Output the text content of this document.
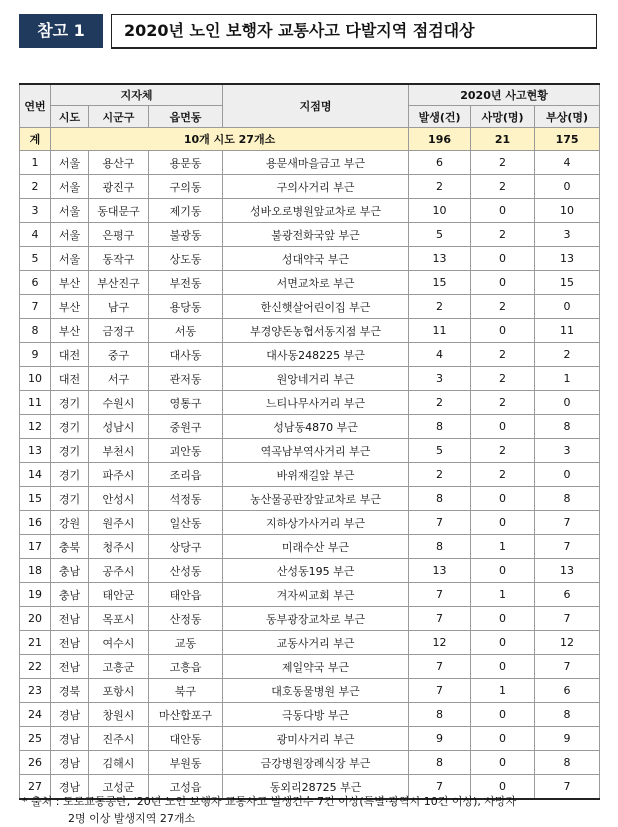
참고 1	2020년 노인 보행자 교통사고 다발지역 점검대상
연번	지자체			지점명	2020년 사고현황		
	시도	시군구	읍면동		발생(건)	사망(명)	부상(명)
계	10개 시도 27개소				196	21	175
1	서울	용산구	용문동	용문새마을금고 부근	6	2	4
2	서울	광진구	구의동	구의사거리 부근	2	2	0
3	서울	동대문구	제기동	성바오로병원앞교차로 부근	10	0	10
4	서울	은평구	불광동	불광전화국앞 부근	5	2	3
5	서울	동작구	상도동	성대약국 부근	13	0	13
6	부산	부산진구	부전동	서면교차로 부근	15	0	15
7	부산	남구	용당동	한신햇살어린이집 부근	2	2	0
8	부산	금정구	서동	부경양돈농협서동지점 부근	11	0	11
9	대전	중구	대사동	대사동248225 부근	4	2	2
10	대전	서구	관저동	원앙네거리 부근	3	2	1
11	경기	수원시	영통구	느티나무사거리 부근	2	2	0
12	경기	성남시	중원구	성남동4870 부근	8	0	8
13	경기	부천시	괴안동	역곡남부역사거리 부근	5	2	3
14	경기	파주시	조리읍	바위재길앞 부근	2	2	0
15	경기	안성시	석정동	농산물공판장앞교차로 부근	8	0	8
16	강원	원주시	일산동	지하상가사거리 부근	7	0	7
17	충북	청주시	상당구	미래수산 부근	8	1	7
18	충남	공주시	산성동	산성동195 부근	13	0	13
19	충남	태안군	태안읍	겨자씨교회 부근	7	1	6
20	전남	목포시	산정동	동부광장교차로 부근	7	0	7
21	전남	여수시	교동	교동사거리 부근	12	0	12
22	전남	고흥군	고흥읍	제일약국 부근	7	0	7
23	경북	포항시	북구	대호동물병원 부근	7	1	6
24	경남	창원시	마산합포구	극동다방 부근	8	0	8
25	경남	진주시	대안동	광미사거리 부근	9	0	9
26	경남	김해시	부원동	금강병원장례식장 부근	8	0	8
27	경남	고성군	고성읍	동외리28725 부근	7	0	7
* 출처 : 도로교통공단, '20년 노인 보행자 교통사고 발생건수 7건 이상(특별·광역시 10건 이상), 사망자
2명 이상 발생지역 27개소
